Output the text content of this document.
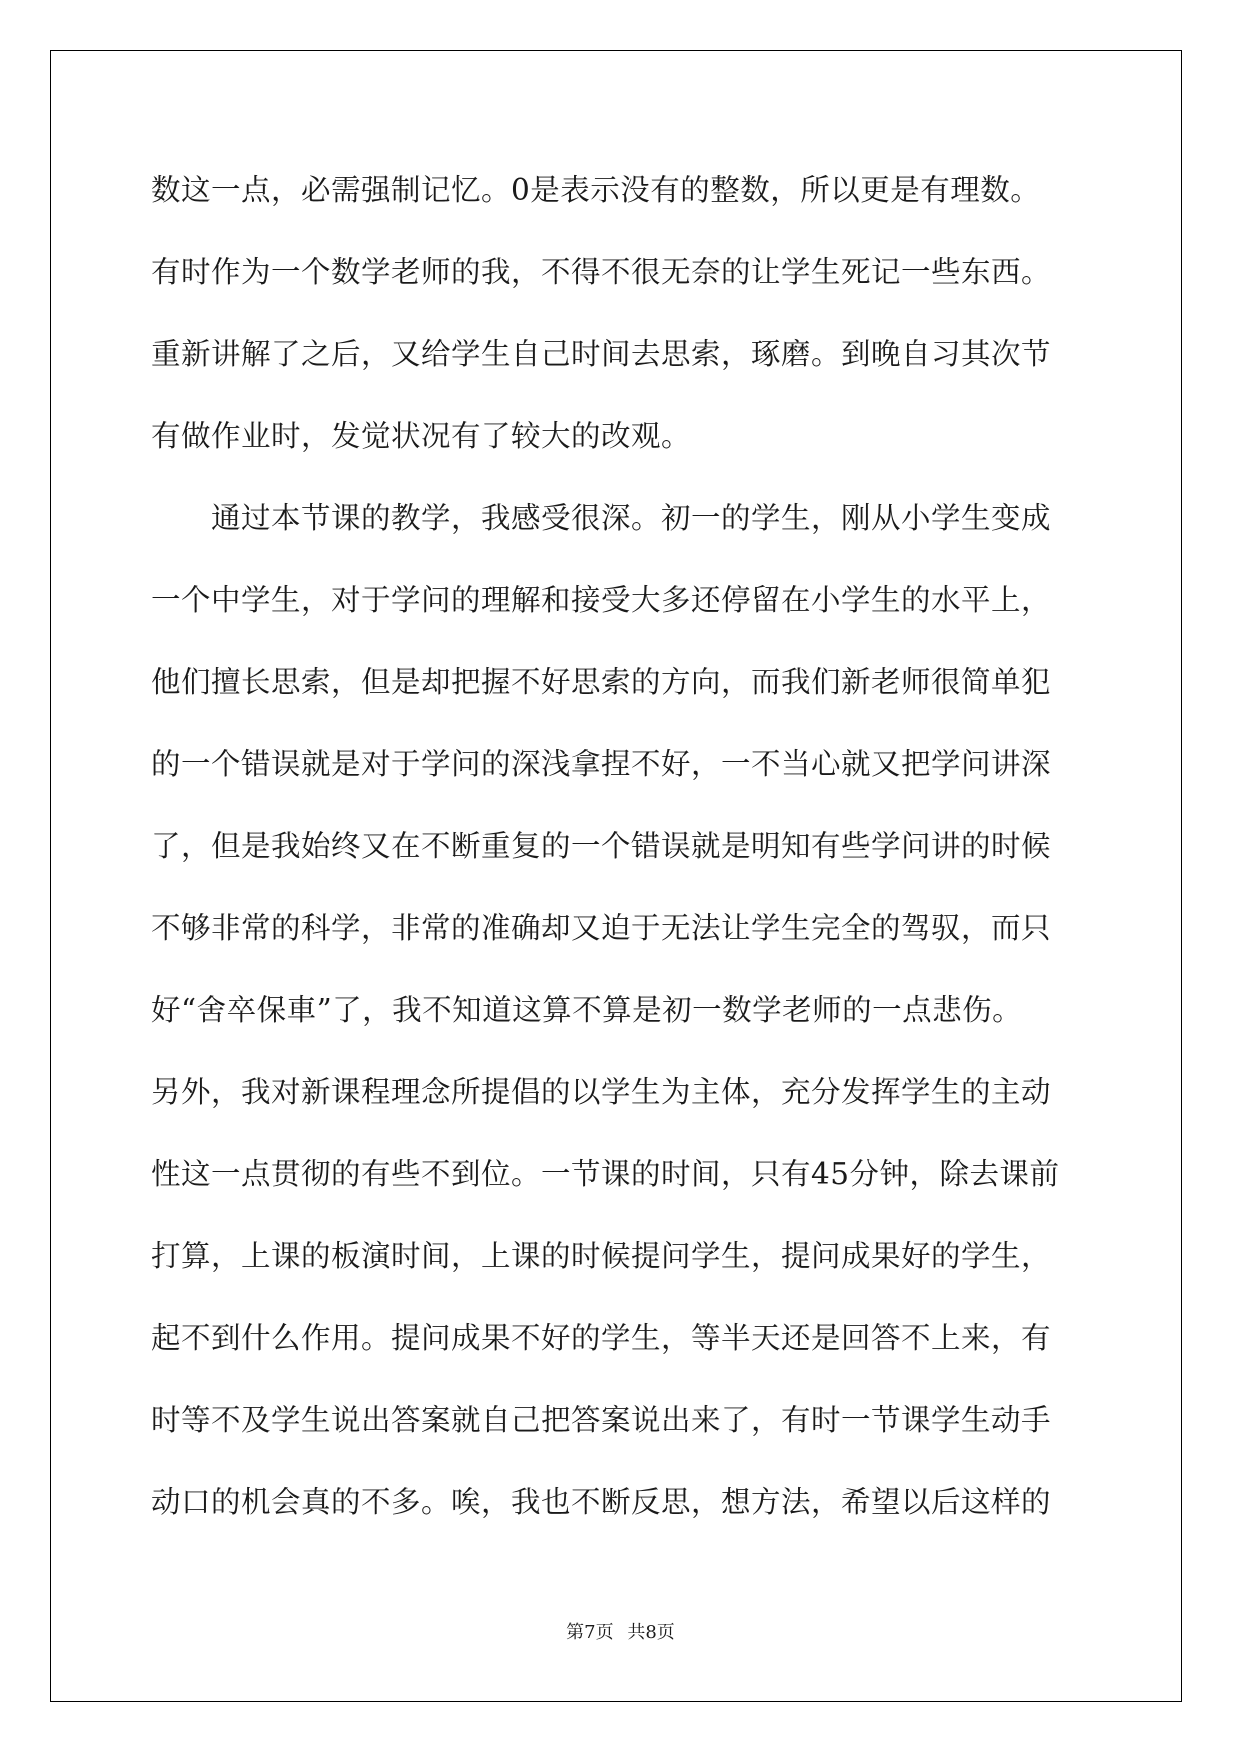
数这一点，必需强制记忆。0是表示没有的整数，所以更是有理数。
有时作为一个数学老师的我，不得不很无奈的让学生死记一些东西。
重新讲解了之后，又给学生自己时间去思索，琢磨。到晚自习其次节
有做作业时，发觉状况有了较大的改观。
　　通过本节课的教学，我感受很深。初一的学生，刚从小学生变成
一个中学生，对于学问的理解和接受大多还停留在小学生的水平上，
他们擅长思索，但是却把握不好思索的方向，而我们新老师很简单犯
的一个错误就是对于学问的深浅拿捏不好，一不当心就又把学问讲深
了，但是我始终又在不断重复的一个错误就是明知有些学问讲的时候
不够非常的科学，非常的准确却又迫于无法让学生完全的驾驭，而只
好“舍卒保車”了，我不知道这算不算是初一数学老师的一点悲伤。
另外，我对新课程理念所提倡的以学生为主体，充分发挥学生的主动
性这一点贯彻的有些不到位。一节课的时间，只有45分钟，除去课前
打算，上课的板演时间，上课的时候提问学生，提问成果好的学生，
起不到什么作用。提问成果不好的学生，等半天还是回答不上来，有
时等不及学生说出答案就自己把答案说出来了，有时一节课学生动手
动口的机会真的不多。唉，我也不断反思，想方法，希望以后这样的
第7页 共8页
